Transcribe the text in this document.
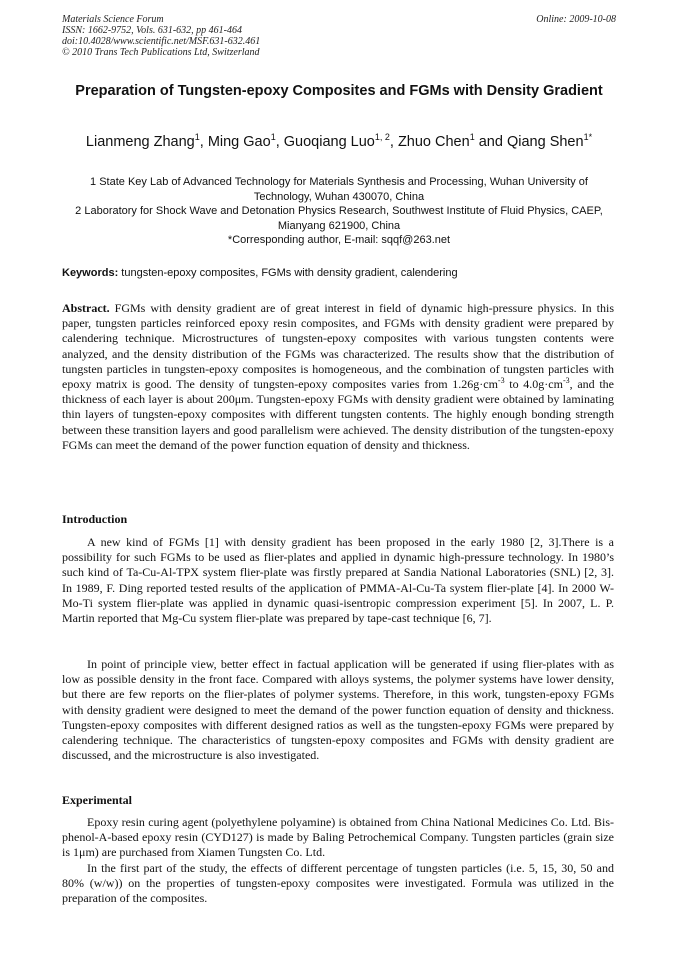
Materials Science Forum
ISSN: 1662-9752, Vols. 631-632, pp 461-464
doi:10.4028/www.scientific.net/MSF.631-632.461
© 2010 Trans Tech Publications Ltd, Switzerland
Online: 2009-10-08
Preparation of Tungsten-epoxy Composites and FGMs with Density Gradient
Lianmeng Zhang$^1$, Ming Gao$^1$, Guoqiang Luo$^{1, 2}$, Zhuo Chen$^1$ and Qiang Shen$^{1*}$
1 State Key Lab of Advanced Technology for Materials Synthesis and Processing, Wuhan University of Technology, Wuhan 430070, China
2 Laboratory for Shock Wave and Detonation Physics Research, Southwest Institute of Fluid Physics, CAEP, Mianyang 621900, China
*Corresponding author, E-mail: sqqf@263.net
Keywords: tungsten-epoxy composites, FGMs with density gradient, calendering
Abstract. FGMs with density gradient are of great interest in field of dynamic high-pressure physics. In this paper, tungsten particles reinforced epoxy resin composites, and FGMs with density gradient were prepared by calendering technique. Microstructures of tungsten-epoxy composites with various tungsten contents were analyzed, and the density distribution of the FGMs was characterized. The results show that the distribution of tungsten particles in tungsten-epoxy composites is homogeneous, and the combination of tungsten particles with epoxy matrix is good. The density of tungsten-epoxy composites varies from $1.26g\cdot cm^{-3}$ to $4.0g\cdot cm^{-3}$, and the thickness of each layer is about 200μm. Tungsten-epoxy FGMs with density gradient were obtained by laminating thin layers of tungsten-epoxy composites with different tungsten contents. The highly enough bonding strength between these transition layers and good parallelism were achieved. The density distribution of the tungsten-epoxy FGMs can meet the demand of the power function equation of density and thickness.
Introduction

A new kind of FGMs [1] with density gradient has been proposed in the early 1980 [2, 3].There is a possibility for such FGMs to be used as flier-plates and applied in dynamic high-pressure technology. In 1980’s such kind of Ta-Cu-Al-TPX system flier-plate was firstly prepared at Sandia National Laboratories (SNL) [2, 3]. In 1989, F. Ding reported tested results of the application of PMMA-Al-Cu-Ta system flier-plate [4]. In 2000 W-Mo-Ti system flier-plate was applied in dynamic quasi-isentropic compression experiment [5]. In 2007, L. P. Martin reported that Mg-Cu system flier-plate was prepared by tape-cast technique [6, 7].

In point of principle view, better effect in factual application will be generated if using flier-plates with as low as possible density in the front face. Compared with alloys systems, the polymer systems have lower density, but there are few reports on the flier-plates of polymer systems. Therefore, in this work, tungsten-epoxy FGMs with density gradient were designed to meet the demand of the power function equation of density and thickness. Tungsten-epoxy composites with different designed ratios as well as the tungsten-epoxy FGMs were prepared by calendering technique. The characteristics of tungsten-epoxy composites and FGMs with density gradient are discussed, and the microstructure is also investigated.

Experimental

Epoxy resin curing agent (polyethylene polyamine) is obtained from China National Medicines Co. Ltd. Bis-phenol-A-based epoxy resin (CYD127) is made by Baling Petrochemical Company. Tungsten particles (grain size is 1μm) are purchased from Xiamen Tungsten Co. Ltd.

In the first part of the study, the effects of different percentage of tungsten particles (i.e. 5, 15, 30, 50 and 80% (w/w)) on the properties of tungsten-epoxy composites were investigated. Formula was utilized in the preparation of the composites.
